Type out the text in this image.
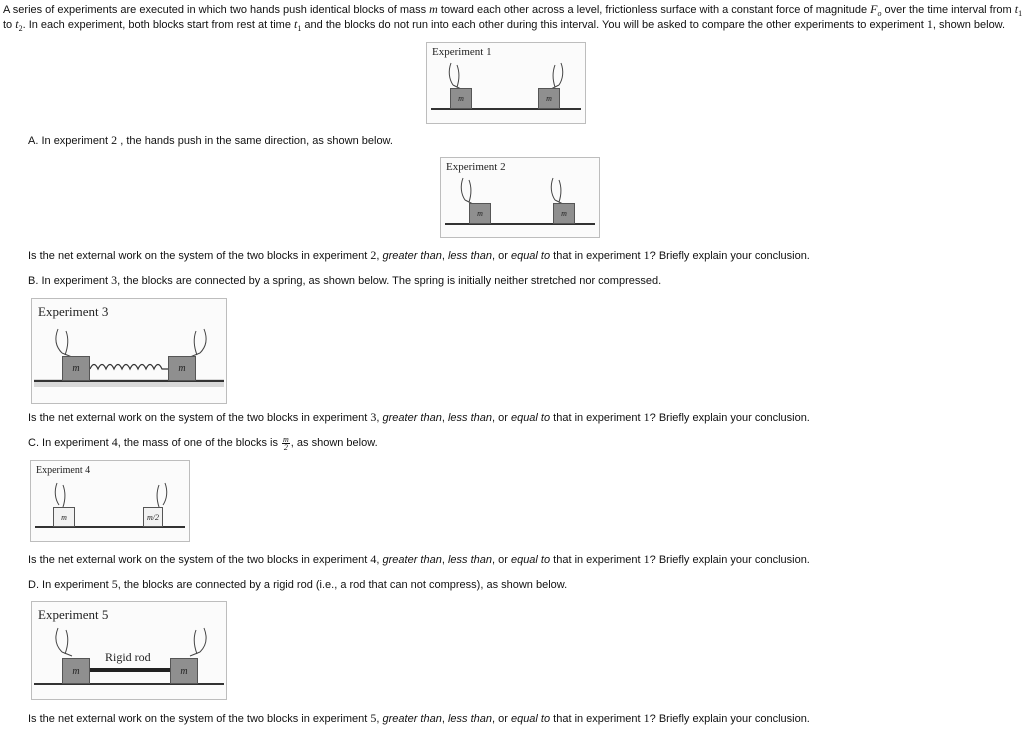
A series of experiments are executed in which two hands push identical blocks of mass m toward each other across a level, frictionless surface with a constant force of magnitude $F_o$ over the time interval from $t_1$
to $t_2$. In each experiment, both blocks start from rest at time $t_1$ and the blocks do not run into each other during this interval. You will be asked to compare the other experiments to experiment 1, shown below.
Experiment 1
m	m
A. In experiment 2 , the hands push in the same direction, as shown below.
Experiment 2
m	m
Is the net external work on the system of the two blocks in experiment 2, greater than, less than, or equal to that in experiment 1? Briefly explain your conclusion.
B. In experiment 3, the blocks are connected by a spring, as shown below. The spring is initially neither stretched nor compressed.
Experiment 3
m	m
Is the net external work on the system of the two blocks in experiment 3, greater than, less than, or equal to that in experiment 1? Briefly explain your conclusion.
C. In experiment 4, the mass of one of the blocks is $\frac{m}{2}$ , as shown below.
Experiment 4
m	m/2
Is the net external work on the system of the two blocks in experiment 4, greater than, less than, or equal to that in experiment 1? Briefly explain your conclusion.
D. In experiment 5, the blocks are connected by a rigid rod (i.e., a rod that can not compress), as shown below.
Experiment 5
Rigid rod
m	m
Is the net external work on the system of the two blocks in experiment 5, greater than, less than, or equal to that in experiment 1? Briefly explain your conclusion.
